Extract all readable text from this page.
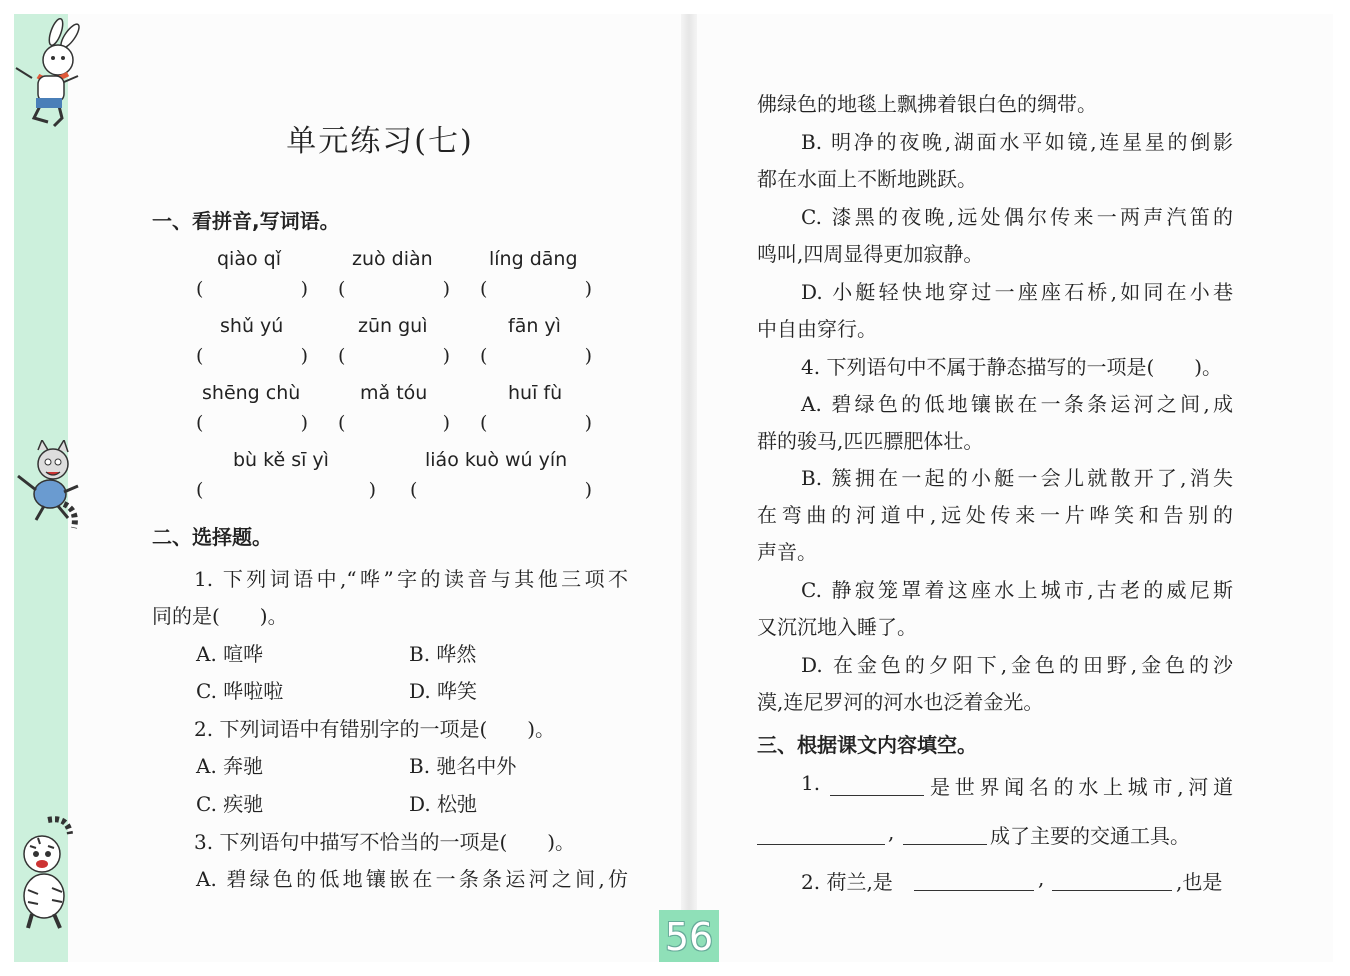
单元练习(七)
一、看拼音,写词语。
qiào qǐ	zuò diàn	líng dāng
(	) (	) (	)
shǔ yú	zūn guì	fān yì
(	) (	) (	)
shēng chù	mǎ tóu	huī fù
(	) (	) (	)
bù kě sī yì	liáo kuò wú yín
(	) (	)
二、选择题。
1. 下列词语中,“哗”字的读音与其他三项不
同的是(　　)。
A. 喧哗	B. 哗然
C. 哗啦啦	D. 哗笑
2. 下列词语中有错别字的一项是(　　)。
A. 奔驰	B. 驰名中外
C. 疾驰	D. 松弛
3. 下列语句中描写不恰当的一项是(　　)。
A. 碧绿色的低地镶嵌在一条条运河之间,仿
佛绿色的地毯上飘拂着银白色的绸带。
B. 明净的夜晚,湖面水平如镜,连星星的倒影
都在水面上不断地跳跃。
C. 漆黑的夜晚,远处偶尔传来一两声汽笛的
鸣叫,四周显得更加寂静。
D. 小艇轻快地穿过一座座石桥,如同在小巷
中自由穿行。
4. 下列语句中不属于静态描写的一项是(　　)。
A. 碧绿色的低地镶嵌在一条条运河之间,成
群的骏马,匹匹膘肥体壮。
B. 簇拥在一起的小艇一会儿就散开了,消失
在弯曲的河道中,远处传来一片哗笑和告别的
声音。
C. 静寂笼罩着这座水上城市,古老的威尼斯
又沉沉地入睡了。
D. 在金色的夕阳下,金色的田野,金色的沙
漠,连尼罗河的河水也泛着金光。
三、根据课文内容填空。
1.	是世界闻名的水上城市,河道
,	成了主要的交通工具。
2. 荷兰,是	,	,也是
56
